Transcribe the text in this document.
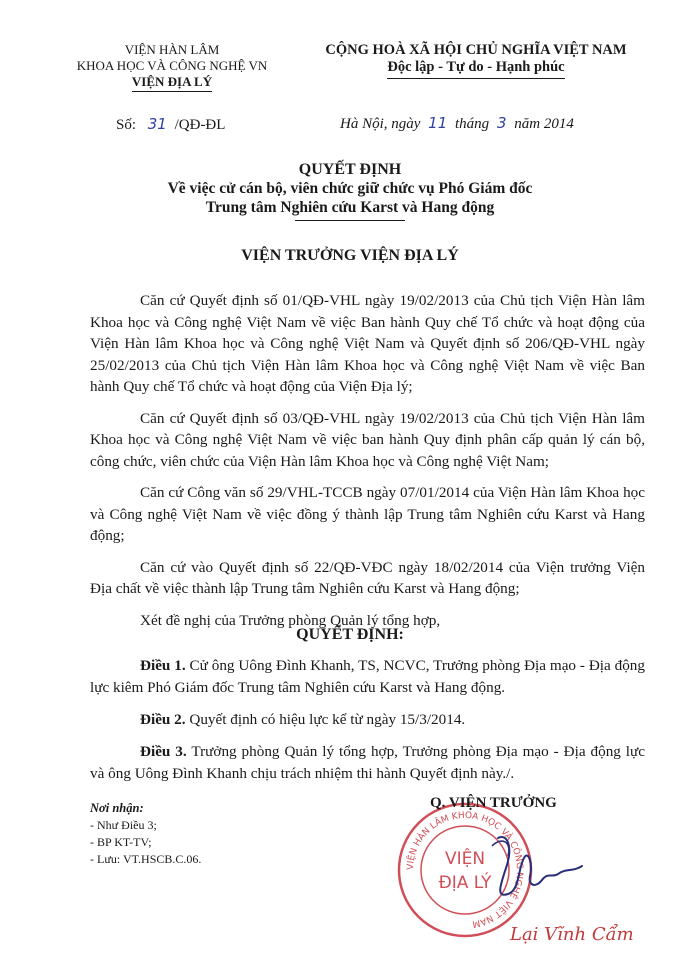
VIỆN HÀN LÂM
KHOA HỌC VÀ CÔNG NGHỆ VN
VIỆN ĐỊA LÝ
CỘNG HOÀ XÃ HỘI CHỦ NGHĨA VIỆT NAM
Độc lập - Tự do - Hạnh phúc
Số: 31 /QĐ-ĐL	Hà Nội, ngày 11 tháng 3 năm 2014
QUYẾT ĐỊNH
Về việc cử cán bộ, viên chức giữ chức vụ Phó Giám đốc
Trung tâm Nghiên cứu Karst và Hang động
VIỆN TRƯỞNG VIỆN ĐỊA LÝ

Căn cứ Quyết định số 01/QĐ-VHL ngày 19/02/2013 của Chủ tịch Viện Hàn lâm Khoa học và Công nghệ Việt Nam về việc Ban hành Quy chế Tổ chức và hoạt động của Viện Hàn lâm Khoa học và Công nghệ Việt Nam và Quyết định số 206/QĐ-VHL ngày 25/02/2013 của Chủ tịch Viện Hàn lâm Khoa học và Công nghệ Việt Nam về việc Ban hành Quy chế Tổ chức và hoạt động của Viện Địa lý;

Căn cứ Quyết định số 03/QĐ-VHL ngày 19/02/2013 của Chủ tịch Viện Hàn lâm Khoa học và Công nghệ Việt Nam về việc ban hành Quy định phân cấp quản lý cán bộ, công chức, viên chức của Viện Hàn lâm Khoa học và Công nghệ Việt Nam;

Căn cứ Công văn số 29/VHL-TCCB ngày 07/01/2014 của Viện Hàn lâm Khoa học và Công nghệ Việt Nam về việc đồng ý thành lập Trung tâm Nghiên cứu Karst và Hang động;

Căn cứ vào Quyết định số 22/QĐ-VĐC ngày 18/02/2014 của Viện trưởng Viện Địa chất về việc thành lập Trung tâm Nghiên cứu Karst và Hang động;

Xét đề nghị của Trưởng phòng Quản lý tổng hợp,

QUYẾT ĐỊNH:

Điều 1. Cử ông Uông Đình Khanh, TS, NCVC, Trưởng phòng Địa mạo - Địa động lực kiêm Phó Giám đốc Trung tâm Nghiên cứu Karst và Hang động.

Điều 2. Quyết định có hiệu lực kể từ ngày 15/3/2014.

Điều 3. Trưởng phòng Quản lý tổng hợp, Trưởng phòng Địa mạo - Địa động lực và ông Uông Đình Khanh chịu trách nhiệm thi hành Quyết định này./.

Nơi nhận:
- Như Điều 3;
- BP KT-TV;
- Lưu: VT.HSCB.C.06.
VIỆN HÀN LÂM KHOA HỌC VÀ CÔNG NGHỆ VIỆT NAM
VIỆN
ĐỊA LÝ
Q. VIỆN TRƯỞNG
Lại Vĩnh Cẩm
